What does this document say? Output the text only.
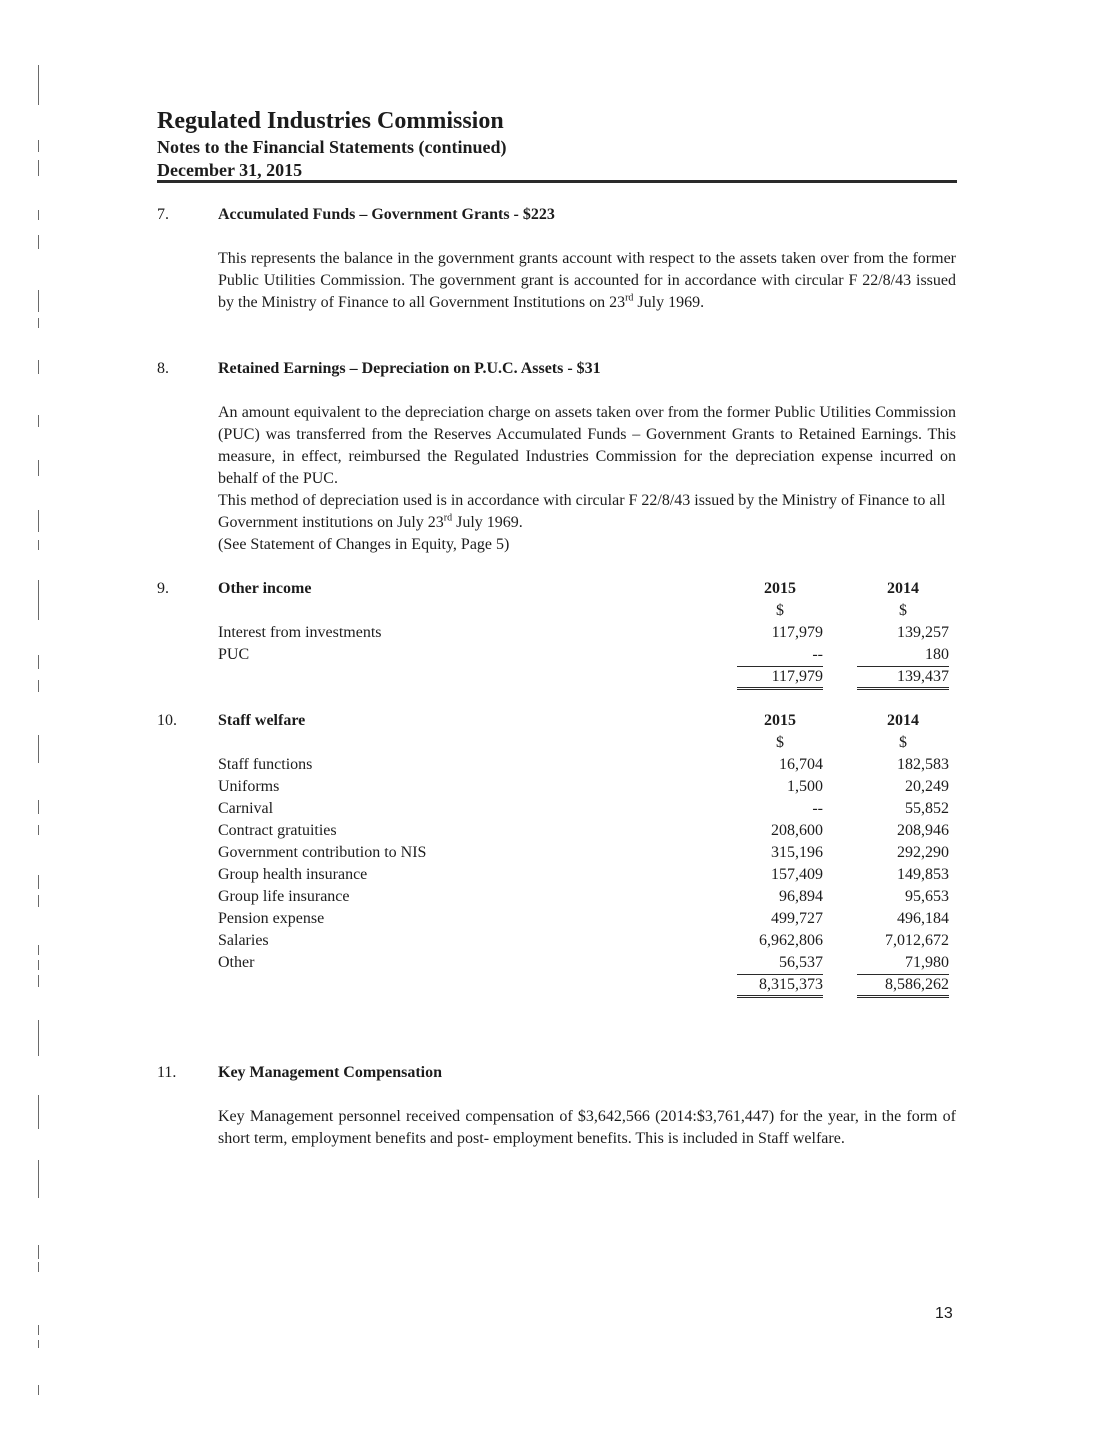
Regulated Industries Commission
Notes to the Financial Statements (continued)
December 31, 2015
7.	Accumulated Funds – Government Grants - $223

This represents the balance in the government grants account with respect to the assets taken over from the former Public Utilities Commission. The government grant is accounted for in accordance with circular F 22/8/43 issued by the Ministry of Finance to all Government Institutions on 23rd July 1969.

8.	Retained Earnings – Depreciation on P.U.C. Assets - $31

An amount equivalent to the depreciation charge on assets taken over from the former Public Utilities Commission (PUC) was transferred from the Reserves Accumulated Funds – Government Grants to Retained Earnings. This measure, in effect, reimbursed the Regulated Industries Commission for the depreciation expense incurred on behalf of the PUC.

This method of depreciation used is in accordance with circular F 22/8/43 issued by the Ministry of Finance to all Government institutions on July 23rd July 1969.

(See Statement of Changes in Equity, Page 5)

9.	Other income	2015	2014
$	$
Interest from investments	117,979	139,257
PUC	--	180
117,979	139,437
10.	Staff welfare	2015	2014
$	$
Staff functions	16,704	182,583
Uniforms	1,500	20,249
Carnival	--	55,852
Contract gratuities	208,600	208,946
Government contribution to NIS	315,196	292,290
Group health insurance	157,409	149,853
Group life insurance	96,894	95,653
Pension expense	499,727	496,184
Salaries	6,962,806	7,012,672
Other	56,537	71,980
8,315,373	8,586,262
11.	Key Management Compensation

Key Management personnel received compensation of $3,642,566 (2014:$3,761,447) for the year, in the form of short term, employment benefits and post- employment benefits. This is included in Staff welfare.

13
